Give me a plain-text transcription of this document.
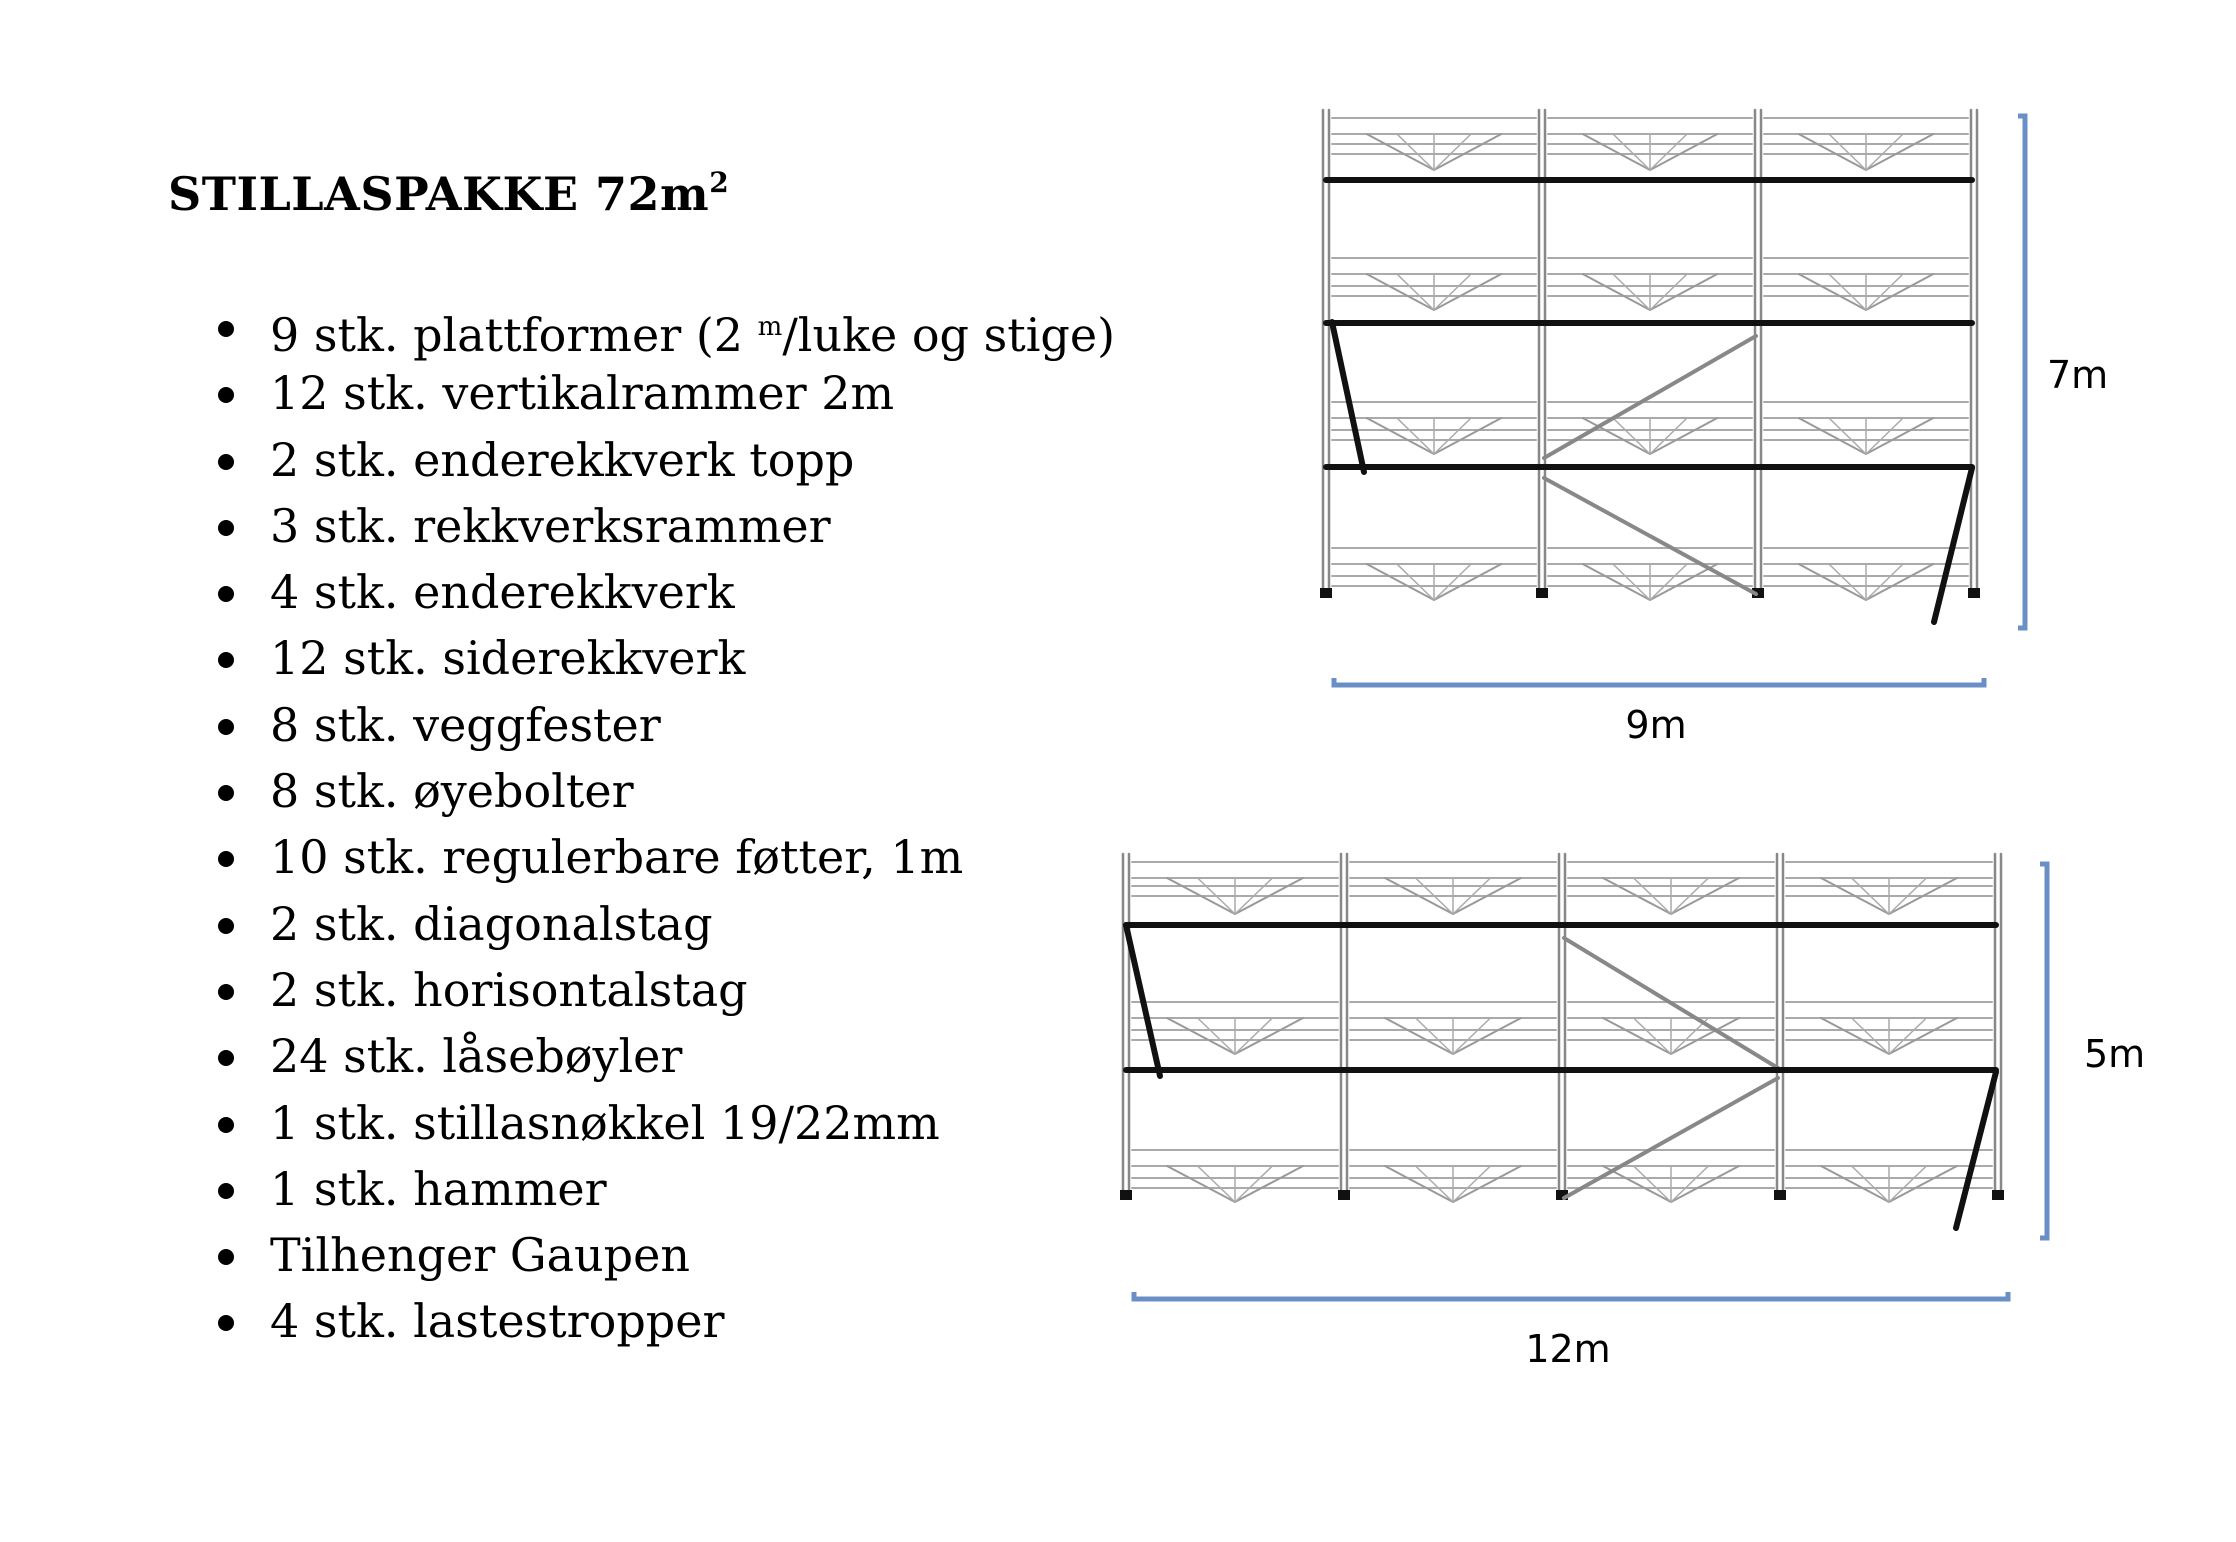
STILLASPAKKE $72m^2$
9 stk. plattformer (2 $^m$/luke og stige)
12 stk. vertikalrammer 2m
2 stk. enderekkverk topp
3 stk. rekkverksrammer
4 stk. enderekkverk
12 stk. siderekkverk
8 stk. veggfester
8 stk. øyebolter
10 stk. regulerbare føtter, 1m
2 stk. diagonalstag
2 stk. horisontalstag
24 stk. låsebøyler
1 stk. stillasnøkkel 19/22mm
1 stk. hammer
Tilhenger Gaupen
4 stk. lastestropper
7m
9m
5m
12m
